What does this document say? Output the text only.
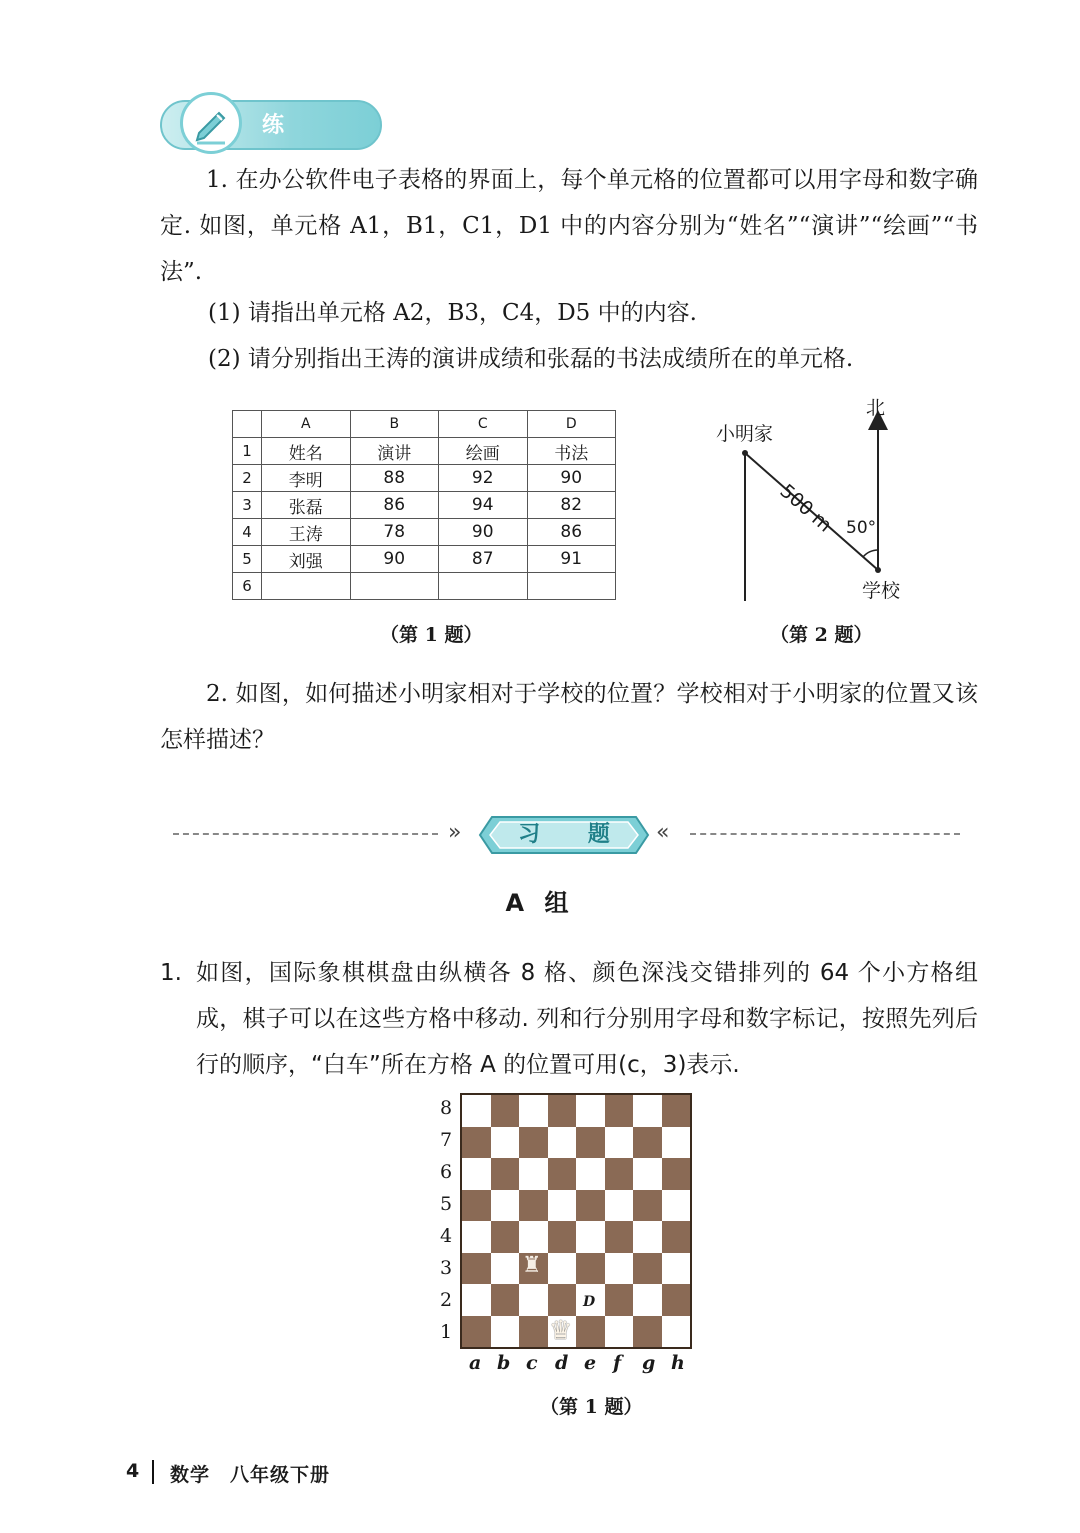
练 习
1. 在办公软件电子表格的界面上，每个单元格的位置都可以用字母和数字确定. 如图，单元格 A1，B1，C1，D1 中的内容分别为“姓名”“演讲”“绘画”“书法”.
(1) 请指出单元格 A2，B3，C4，D5 中的内容.
(2) 请分别指出王涛的演讲成绩和张磊的书法成绩所在的单元格.
	A	B	C	D
1	姓名	演讲	绘画	书法
2	李明	88	92	90
3	张磊	86	94	82
4	王涛	78	90	86
5	刘强	90	87	91
6				
（第 1 题）
北
小明家
学校
500 m 50°
（第 2 题）
2. 如图，如何描述小明家相对于学校的位置？学校相对于小明家的位置又该怎样描述？
»	习 题	«
A 组
1. 如图，国际象棋棋盘由纵横各 8 格、颜色深浅交错排列的 64 个小方格组成，棋子可以在这些方格中移动. 列和行分别用字母和数字标记，按照先列后行的顺序，“白车”所在方格 A 的位置可用(c，3)表示.
8
7
6
5
4
3
2
1
a b c d e f g h
♜
♛
D
（第 1 题）
4 数学　八年级下册
